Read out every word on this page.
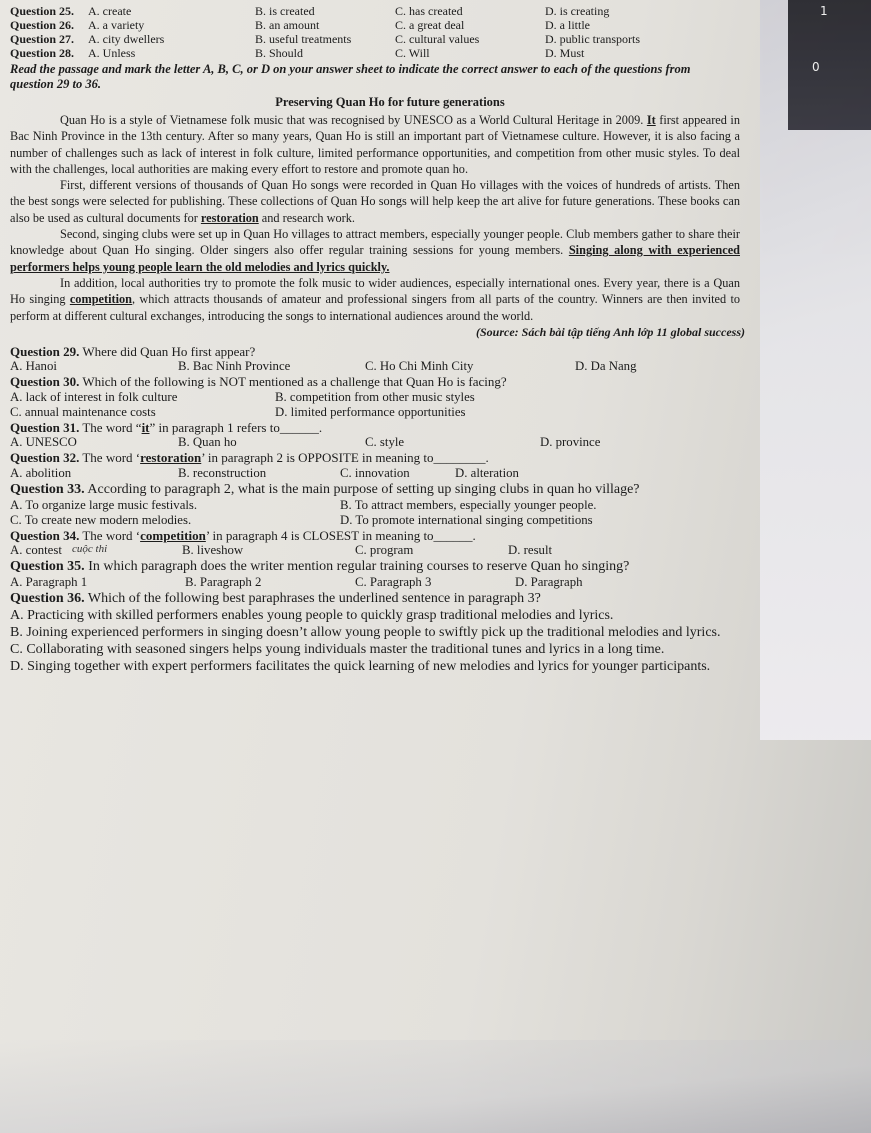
1
0
Question 25. A. create	B. is created	C. has created	D. is creating
Question 26. A. a variety	B. an amount	C. a great deal	D. a little
Question 27. A. city dwellers	B. useful treatments	C. cultural values	D. public transports
Question 28. A. Unless	B. Should	C. Will	D. Must

Read the passage and mark the letter A, B, C, or D on your answer sheet to indicate the correct answer to each of the questions from question 29 to 36.

Preserving Quan Ho for future generations

Quan Ho is a style of Vietnamese folk music that was recognised by UNESCO as a World Cultural Heritage in 2009. It first appeared in Bac Ninh Province in the 13th century. After so many years, Quan Ho is still an important part of Vietnamese culture. However, it is also facing a number of challenges such as lack of interest in folk culture, limited performance opportunities, and competition from other music styles. To deal with the challenges, local authorities are making every effort to restore and promote quan ho.

First, different versions of thousands of Quan Ho songs were recorded in Quan Ho villages with the voices of hundreds of artists. Then the best songs were selected for publishing. These collections of Quan Ho songs will help keep the art alive for future generations. These books can also be used as cultural documents for restoration and research work.

Second, singing clubs were set up in Quan Ho villages to attract members, especially younger people. Club members gather to share their knowledge about Quan Ho singing. Older singers also offer regular training sessions for young members. Singing along with experienced performers helps young people learn the old melodies and lyrics quickly.

In addition, local authorities try to promote the folk music to wider audiences, especially international ones. Every year, there is a Quan Ho singing competition, which attracts thousands of amateur and professional singers from all parts of the country. Winners are then invited to perform at different cultural exchanges, introducing the songs to international audiences around the world.

(Source: Sách bài tập tiếng Anh lớp 11 global success)
Question 29. Where did Quan Ho first appear?
A. Hanoi	B. Bac Ninh Province	C. Ho Chi Minh City	D. Da Nang
Question 30. Which of the following is NOT mentioned as a challenge that Quan Ho is facing?
A. lack of interest in folk culture	B. competition from other music styles
C. annual maintenance costs	D. limited performance opportunities
Question 31. The word “it” in paragraph 1 refers to______.
A. UNESCO	B. Quan ho	C. style	D. province
Question 32. The word ‘restoration’ in paragraph 2 is OPPOSITE in meaning to________.
A. abolition	B. reconstruction	C. innovation	D. alteration
Question 33. According to paragraph 2, what is the main purpose of setting up singing clubs in quan ho village?
A. To organize large music festivals.	B. To attract members, especially younger people.
C. To create new modern melodies.	D. To promote international singing competitions
Question 34. The word ‘competition’ in paragraph 4 is CLOSEST in meaning to______.
A. contest cuộc thi	B. liveshow	C. program	D. result
Question 35. In which paragraph does the writer mention regular training courses to reserve Quan ho singing?
A. Paragraph 1	B. Paragraph 2	C. Paragraph 3	D. Paragraph
Question 36. Which of the following best paraphrases the underlined sentence in paragraph 3?

A. Practicing with skilled performers enables young people to quickly grasp traditional melodies and lyrics.

B. Joining experienced performers in singing doesn’t allow young people to swiftly pick up the traditional melodies and lyrics.

C. Collaborating with seasoned singers helps young individuals master the traditional tunes and lyrics in a long time.

D. Singing together with expert performers facilitates the quick learning of new melodies and lyrics for younger participants.
